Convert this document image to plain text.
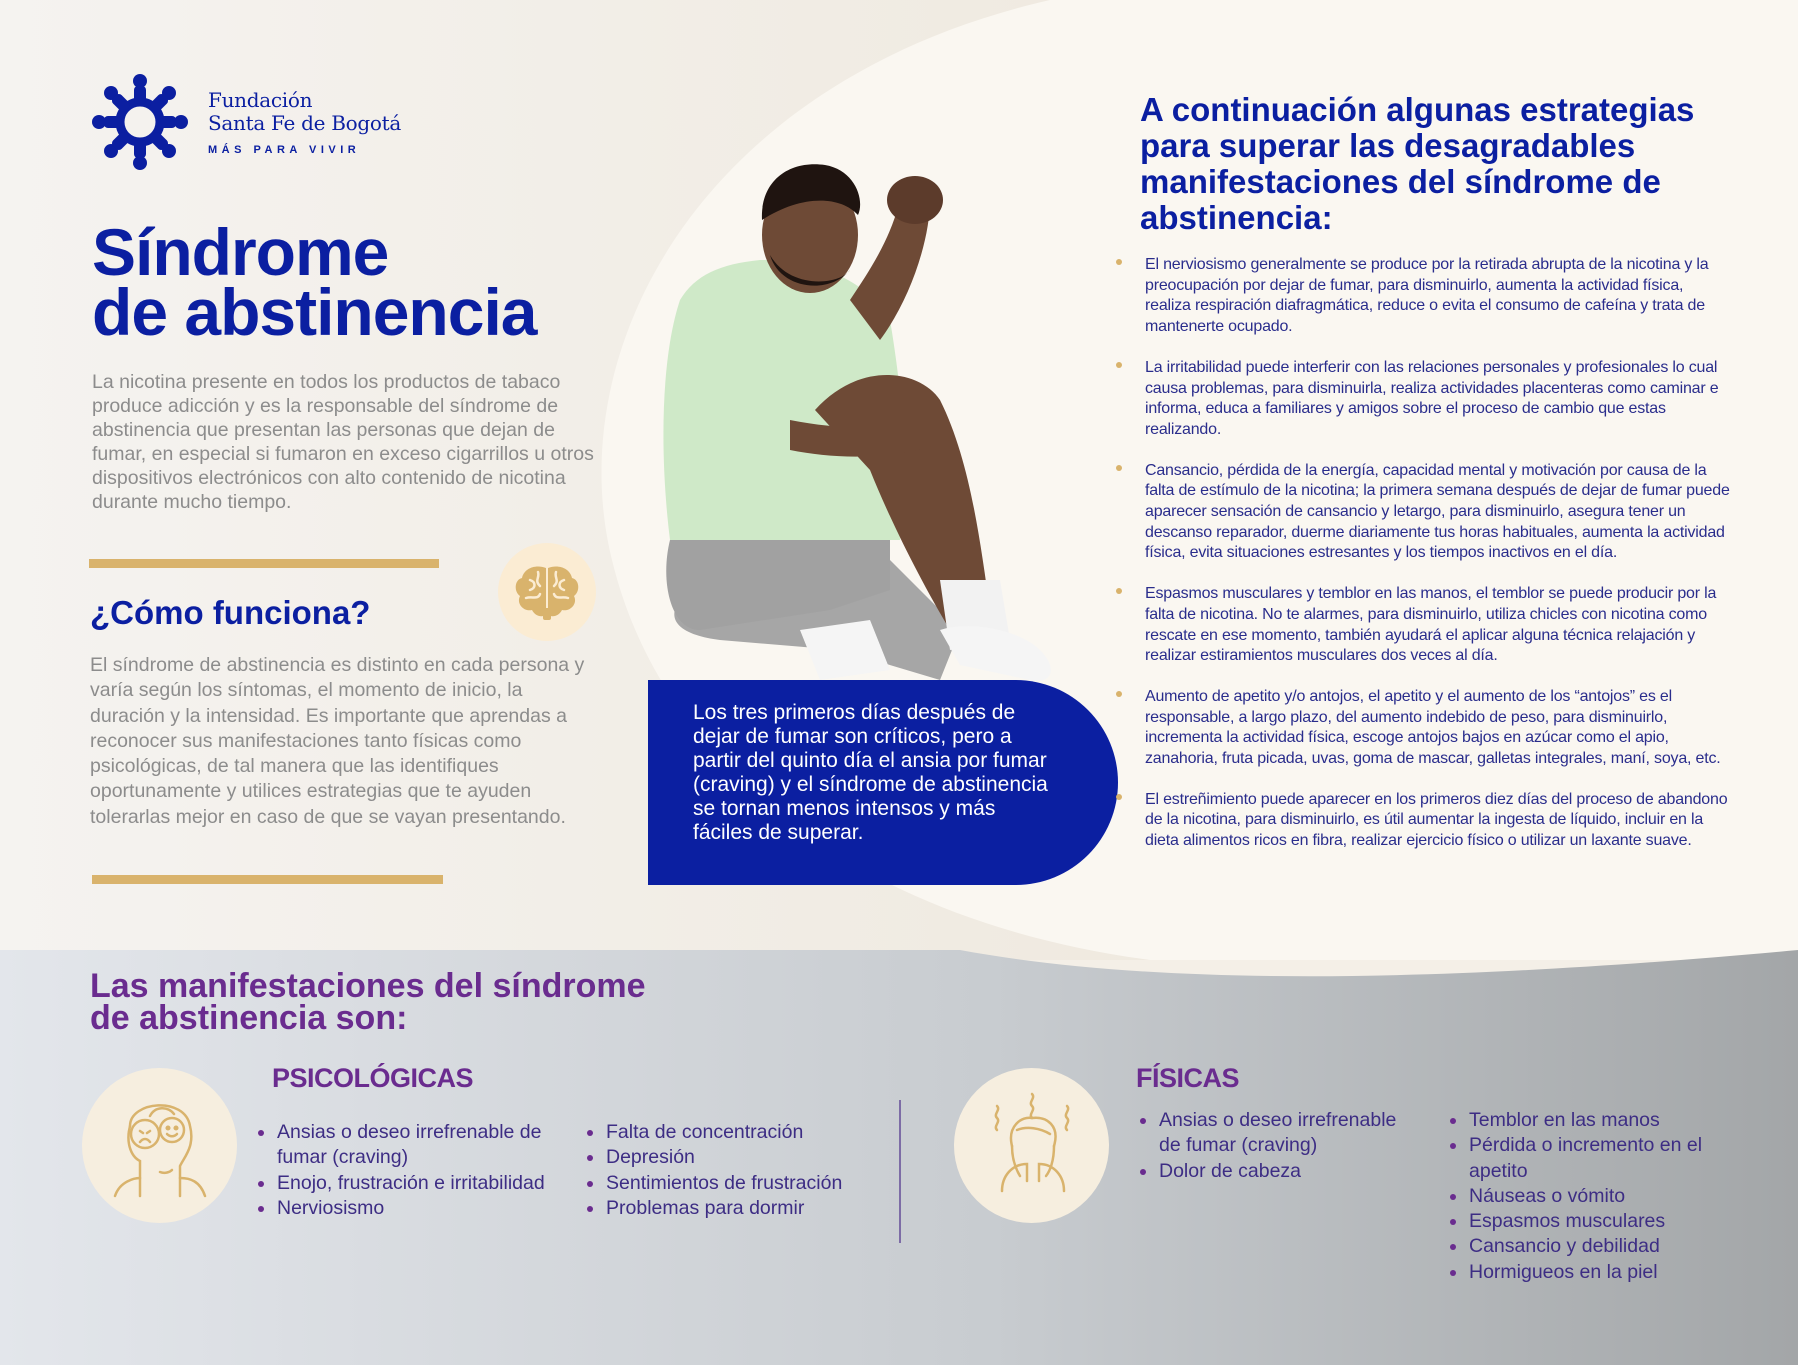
Fundación
Santa Fe de Bogotá
MÁS PARA VIVIR
Síndrome
de abstinencia

La nicotina presente en todos los productos de tabaco produce adicción y es la responsable del síndrome de abstinencia que presentan las personas que dejan de fumar, en especial si fumaron en exceso cigarrillos u otros dispositivos electrónicos con alto contenido de nicotina durante mucho tiempo.

¿Cómo funciona?

El síndrome de abstinencia es distinto en cada persona y varía según los síntomas, el momento de inicio, la duración y la intensidad. Es importante que aprendas a reconocer sus manifestaciones tanto físicas como psicológicas, de tal manera que las identifiques oportunamente y utilices estrategias que te ayuden tolerarlas mejor en caso de que se vayan presentando.

Los tres primeros días después de dejar de fumar son críticos, pero a partir del quinto día el ansia por fumar (craving) y el síndrome de abstinencia se tornan menos intensos y más fáciles de superar.
A continuación algunas estrategias para superar las desagradables manifestaciones del síndrome de abstinencia:
El nerviosismo generalmente se produce por la retirada abrupta de la nicotina y la preocupación por dejar de fumar, para disminuirlo, aumenta la actividad física, realiza respiración diafragmática, reduce o evita el consumo de cafeína y trata de mantenerte ocupado.
La irritabilidad puede interferir con las relaciones personales y profesionales lo cual causa problemas, para disminuirla, realiza actividades placenteras como caminar e informa, educa a familiares y amigos sobre el proceso de cambio que estas realizando.
Cansancio, pérdida de la energía, capacidad mental y motivación por causa de la falta de estímulo de la nicotina; la primera semana después de dejar de fumar puede aparecer sensación de cansancio y letargo, para disminuirlo, asegura tener un descanso reparador, duerme diariamente tus horas habituales, aumenta la actividad física, evita situaciones estresantes y los tiempos inactivos en el día.
Espasmos musculares y temblor en las manos, el temblor se puede producir por la falta de nicotina. No te alarmes, para disminuirlo, utiliza chicles con nicotina como rescate en ese momento, también ayudará el aplicar alguna técnica relajación y realizar estiramientos musculares dos veces al día.
Aumento de apetito y/o antojos, el apetito y el aumento de los “antojos” es el responsable, a largo plazo, del aumento indebido de peso, para disminuirlo, incrementa la actividad física, escoge antojos bajos en azúcar como el apio, zanahoria, fruta picada, uvas, goma de mascar, galletas integrales, maní, soya, etc.
El estreñimiento puede aparecer en los primeros diez días del proceso de abandono de la nicotina, para disminuirlo, es útil aumentar la ingesta de líquido, incluir en la dieta alimentos ricos en fibra, realizar ejercicio físico o utilizar un laxante suave.
Las manifestaciones del síndrome
de abstinencia son:
PSICOLÓGICAS
Ansias o deseo irrefrenable de fumar (craving)
Enojo, frustración e irritabilidad
Nerviosismo
Falta de concentración
Depresión
Sentimientos de frustración
Problemas para dormir
FÍSICAS
Ansias o deseo irrefrenable de fumar (craving)
Dolor de cabeza
Temblor en las manos
Pérdida o incremento en el apetito
Náuseas o vómito
Espasmos musculares
Cansancio y debilidad
Hormigueos en la piel
